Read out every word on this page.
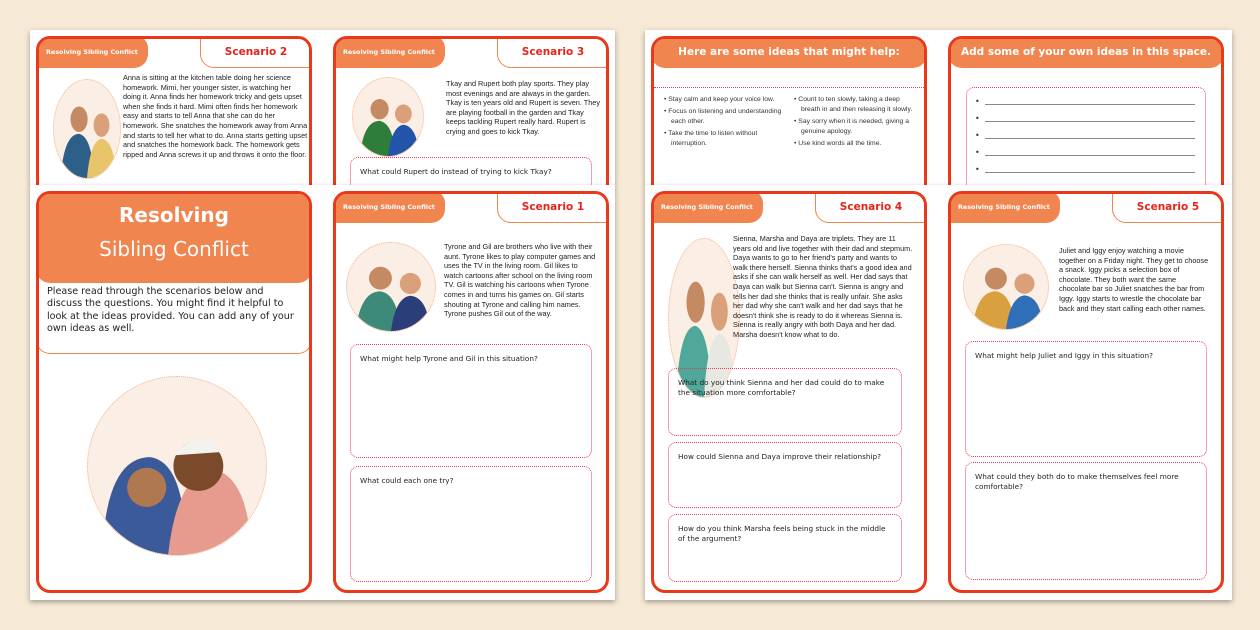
Resolving Sibling Conflict	Scenario 2
Anna is sitting at the kitchen table doing her science homework. Mimi, her younger sister, is watching her doing it. Anna finds her homework tricky and gets upset when she finds it hard. Mimi often finds her homework easy and starts to tell Anna that she can do her homework. She snatches the homework away from Anna and starts to tell her what to do. Anna starts getting upset and snatches the homework back. The homework gets ripped and Anna screws it up and throws it onto the floor.
Resolving Sibling Conflict	Scenario 3
Tkay and Rupert both play sports. They play most evenings and are always in the garden. Tkay is ten years old and Rupert is seven. They are playing football in the garden and Tkay keeps tackling Rupert really hard. Rupert is crying and goes to kick Tkay.
What could Rupert do instead of trying to kick Tkay?
Here are some ideas that might help:
• Stay calm and keep your voice low.
• Focus on listening and understanding each other.
• Take the time to listen without interruption.
• Count to ten slowly, taking a deep breath in and then releasing it slowly.
• Say sorry when it is needed, giving a genuine apology.
• Use kind words all the time.
Add some of your own ideas in this space.
•
•
•
•
•
Resolving
Sibling Conflict
Please read through the scenarios below and discuss the questions. You might find it helpful to look at the ideas provided. You can add any of your own ideas as well.
Resolving Sibling Conflict	Scenario 1
Tyrone and Gil are brothers who live with their aunt. Tyrone likes to play computer games and uses the TV in the living room. Gil likes to watch cartoons after school on the living room TV. Gil is watching his cartoons when Tyrone comes in and turns his games on. Gil starts shouting at Tyrone and calling him names. Tyrone pushes Gil out of the way.
What might help Tyrone and Gil in this situation?
What could each one try?
Resolving Sibling Conflict	Scenario 4
Sienna, Marsha and Daya are triplets. They are 11 years old and live together with their dad and stepmum. Daya wants to go to her friend's party and wants to walk there herself. Sienna thinks that's a good idea and asks if she can walk herself as well. Her dad says that Daya can walk but Sienna can't. Sienna is angry and tells her dad she thinks that is really unfair. She asks her dad why she can't walk and her dad says that he doesn't think she is ready to do it whereas Sienna is. Sienna is really angry with both Daya and her dad. Marsha doesn't know what to do.
What do you think Sienna and her dad could do to make the situation more comfortable?
How could Sienna and Daya improve their relationship?
How do you think Marsha feels being stuck in the middle of the argument?
Resolving Sibling Conflict	Scenario 5
Juliet and Iggy enjoy watching a movie together on a Friday night. They get to choose a snack. Iggy picks a selection box of chocolate. They both want the same chocolate bar so Juliet snatches the bar from Iggy. Iggy starts to wrestle the chocolate bar back and they start calling each other names.
What might help Juliet and Iggy in this situation?
What could they both do to make themselves feel more comfortable?
